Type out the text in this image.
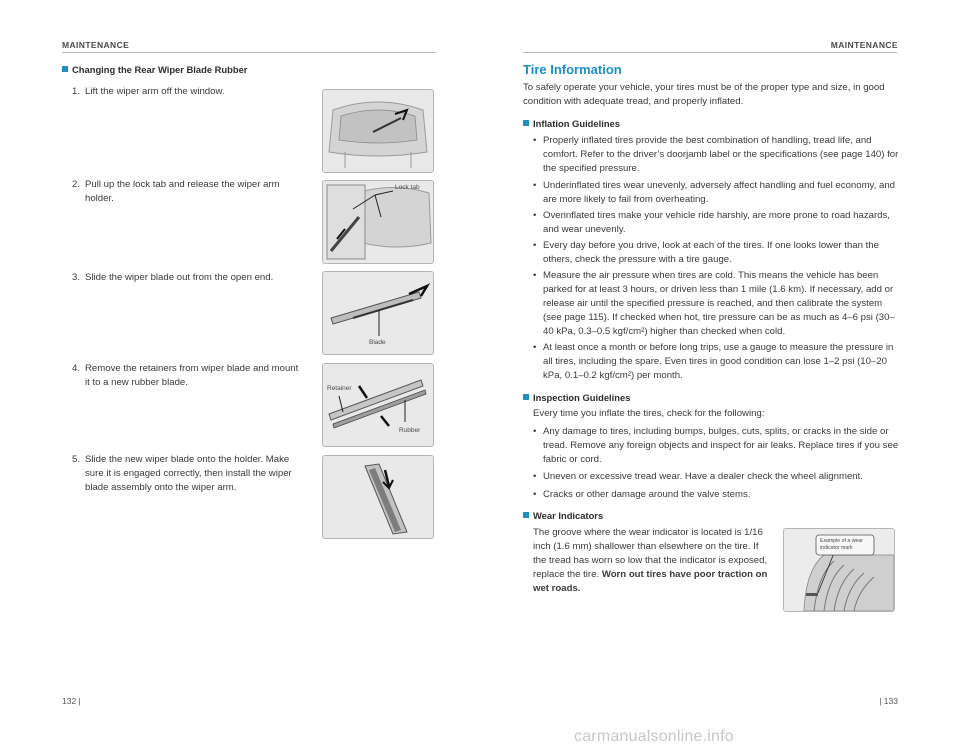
MAINTENANCE
Changing the Rear Wiper Blade Rubber
1. Lift the wiper arm off the window.
2. Pull up the lock tab and release the wiper arm holder.
3. Slide the wiper blade out from the open end.
4. Remove the retainers from wiper blade and mount it to a new rubber blade.
5. Slide the new wiper blade onto the holder. Make sure it is engaged correctly, then install the wiper blade assembly onto the wiper arm.
Lock tab
Blade
Retainer
Rubber
132 |
MAINTENANCE
Tire Information
To safely operate your vehicle, your tires must be of the proper type and size, in good condition with adequate tread, and properly inflated.
Inflation Guidelines
• Properly inflated tires provide the best combination of handling, tread life, and comfort. Refer to the driver’s doorjamb label or the specifications (see page 140) for the specified pressure.
• Underinflated tires wear unevenly, adversely affect handling and fuel economy, and are more likely to fail from overheating.
• Overinflated tires make your vehicle ride harshly, are more prone to road hazards, and wear unevenly.
• Every day before you drive, look at each of the tires. If one looks lower than the others, check the pressure with a tire gauge.
• Measure the air pressure when tires are cold. This means the vehicle has been parked for at least 3 hours, or driven less than 1 mile (1.6 km). If necessary, add or release air until the specified pressure is reached, and then calibrate the system (see page 115). If checked when hot, tire pressure can be as much as 4–6 psi (30–40 kPa, 0.3–0.5 kgf/cm²) higher than checked when cold.
• At least once a month or before long trips, use a gauge to measure the pressure in all tires, including the spare. Even tires in good condition can lose 1–2 psi (10–20 kPa, 0.1–0.2 kgf/cm²) per month.
Inspection Guidelines
Every time you inflate the tires, check for the following:
• Any damage to tires, including bumps, bulges, cuts, splits, or cracks in the side or tread. Remove any foreign objects and inspect for air leaks. Replace tires if you see fabric or cord.
• Uneven or excessive tread wear. Have a dealer check the wheel alignment.
• Cracks or other damage around the valve stems.
Wear Indicators
The groove where the wear indicator is located is 1/16 inch (1.6 mm) shallower than elsewhere on the tire. If the tread has worn so low that the indicator is exposed, replace the tire. Worn out tires have poor traction on wet roads.
Example of a wear indicator mark
| 133
carmanualsonline.info
